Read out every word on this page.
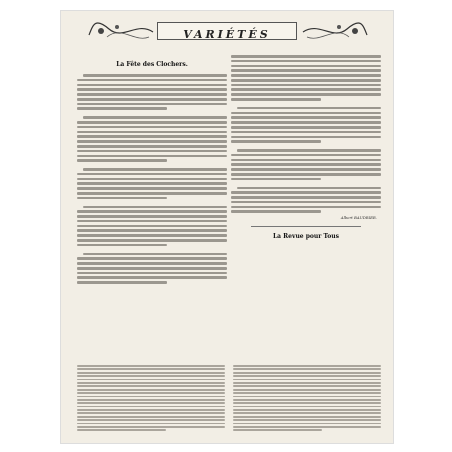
VARIÉTÉS
La Fête des Clochers.
Albert BAUDRIER.
La Revue pour Tous
